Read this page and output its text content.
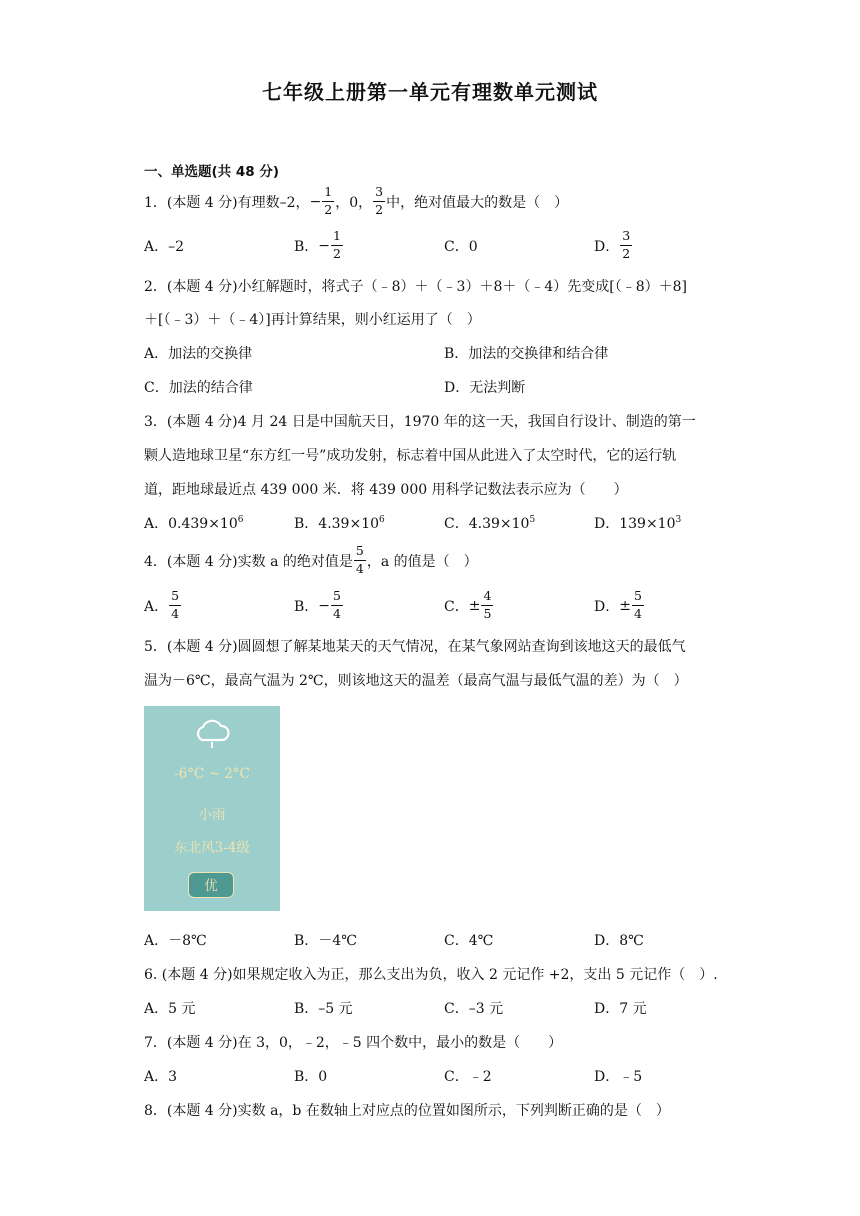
七年级上册第一单元有理数单元测试
一、单选题(共 48 分)
1．(本题 4 分)有理数 –2， − $\frac{1}{2}$ ，0， $\frac{3}{2}$ 中，绝对值最大的数是（　）
A．–2	B． − $\frac{1}{2}$	C．0	D． $\frac{3}{2}$
2．(本题 4 分)小红解题时，将式子（﹣8）＋（﹣3）＋8＋（﹣4）先变成[（﹣8）＋8]
＋[（﹣3）＋（﹣4）]再计算结果，则小红运用了（　）
A．加法的交换律	B．加法的交换律和结合律
C．加法的结合律	D．无法判断
3．(本题 4 分)4 月 24 日是中国航天日，1970 年的这一天，我国自行设计、制造的第一
颗人造地球卫星“东方红一号”成功发射，标志着中国从此进入了太空时代，它的运行轨
道，距地球最近点 439 000 米．将 439 000 用科学记数法表示应为（　　）
A．$0.439\times 10^6$	B．$4.39\times 10^6$	C．$4.39\times 10^5$	D．$139\times 10^3$
4．(本题 4 分)实数 a 的绝对值是 $\frac{5}{4}$ ，a 的值是（　）
A． $\frac{5}{4}$	B． − $\frac{5}{4}$	C． ± $\frac{4}{5}$	D． ± $\frac{5}{4}$
5．(本题 4 分)圆圆想了解某地某天的天气情况，在某气象网站查询到该地这天的最低气
温为－6℃，最高气温为 2℃，则该地这天的温差（最高气温与最低气温的差）为（　）
-6°C ~ 2°C
小雨
东北风3-4级
优
A．－8℃	B．－4℃	C．4℃	D．8℃
6. (本题 4 分)如果规定收入为正，那么支出为负，收入 2 元记作 +2，支出 5 元记作（　）.
A．5 元	B．–5 元	C．–3 元	D．7 元
7．(本题 4 分)在 3，0，﹣2，﹣5 四个数中，最小的数是（　　）
A．3	B．0	C．﹣2	D．﹣5
8．(本题 4 分)实数 a，b 在数轴上对应点的位置如图所示，下列判断正确的是（　）
